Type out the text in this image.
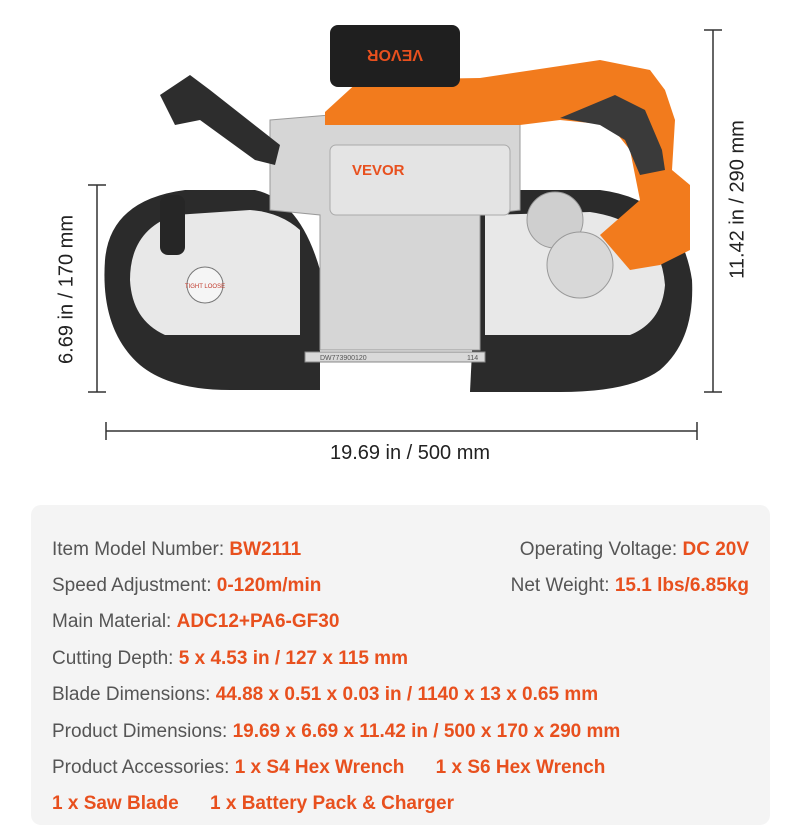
DW773900120	114
VEVOR
VEVOR
TIGHT LOOSE
6.69 in / 170 mm
11.42 in / 290 mm
19.69 in / 500 mm
Item Model Number: BW2111	Operating Voltage: DC 20V
Speed Adjustment: 0-120m/min	Net Weight: 15.1 lbs/6.85kg
Main Material: ADC12+PA6-GF30
Cutting Depth: 5 x 4.53 in / 127 x 115 mm
Blade Dimensions: 44.88 x 0.51 x 0.03 in / 1140 x 13 x 0.65 mm
Product Dimensions: 19.69 x 6.69 x 11.42 in / 500 x 170 x 290 mm
Product Accessories: 1 x S4 Hex Wrench 1 x S6 Hex Wrench
1 x Saw Blade 1 x Battery Pack & Charger
